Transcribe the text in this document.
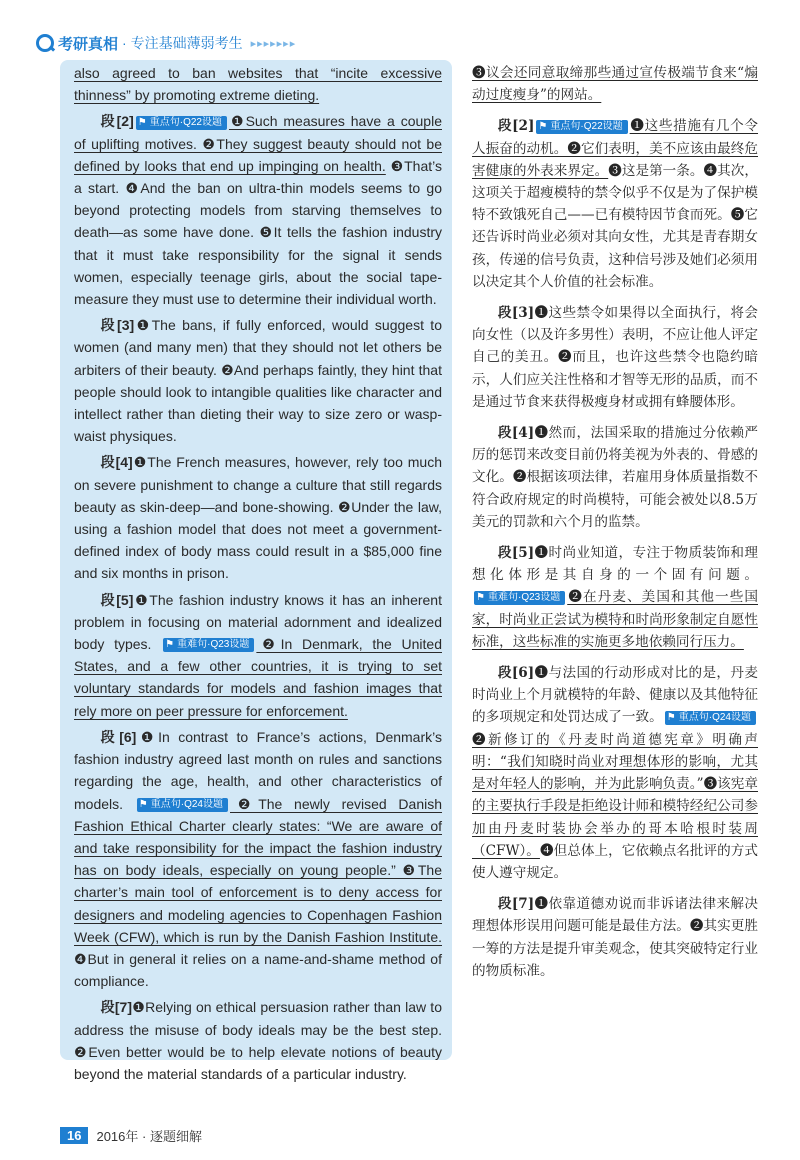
考研真相 · 专注基础薄弱考生 ▸▸▸▸▸▸▸

also agreed to ban websites that “incite excessive thinness” by promoting extreme dieting.

段[2] ⚑ 重点句·Q22设题 ❶Such measures have a couple of uplifting motives. ❷They suggest beauty should not be defined by looks that end up impinging on health. ❸That’s a start. ❹And the ban on ultra-thin models seems to go beyond protecting models from starving themselves to death—as some have done. ❺It tells the fashion industry that it must take responsibility for the signal it sends women, especially teenage girls, about the social tape-measure they must use to determine their individual worth.

段[3]❶The bans, if fully enforced, would suggest to women (and many men) that they should not let others be arbiters of their beauty. ❷And perhaps faintly, they hint that people should look to intangible qualities like character and intellect rather than dieting their way to size zero or wasp-waist physiques.

段[4]❶The French measures, however, rely too much on severe punishment to change a culture that still regards beauty as skin-deep—and bone-showing. ❷Under the law, using a fashion model that does not meet a government-defined index of body mass could result in a $85,000 fine and six months in prison.

段[5]❶The fashion industry knows it has an inherent problem in focusing on material adornment and idealized body types.	⚑ 重难句·Q23设题 ❷In Denmark, the United States, and a few other countries, it is trying to set voluntary standards for models and fashion images that rely more on peer pressure for enforcement.

段[6]❶In contrast to France’s actions, Denmark’s fashion industry agreed last month on rules and sanctions regarding the age, health, and other characteristics of models.	⚑ 重点句·Q24设题 ❷The newly revised Danish Fashion Ethical Charter clearly states: “We are aware of and take responsibility for the impact the fashion industry has on body ideals, especially on young people.” ❸The charter’s main tool of enforcement is to deny access for designers and modeling agencies to Copenhagen Fashion Week (CFW), which is run by the Danish Fashion Institute. ❹But in general it relies on a name-and-shame method of compliance.

段[7]❶Relying on ethical persuasion rather than law to address the misuse of body ideals may be the best step. ❷Even better would be to help elevate notions of beauty beyond the material standards of a particular industry.

❸议会还同意取缔那些通过宣传极端节食来“煽动过度瘦身”的网站。

段[2] ⚑ 重点句·Q22设题 ❶这些措施有几个令人振奋的动机。❷它们表明，美不应该由最终危害健康的外表来界定。❸这是第一条。❹其次，这项关于超瘦模特的禁令似乎不仅是为了保护模特不致饿死自己——已有模特因节食而死。❺它还告诉时尚业必须对其向女性，尤其是青春期女孩，传递的信号负责，这种信号涉及她们必须用以决定其个人价值的社会标准。

段[3]❶这些禁令如果得以全面执行，将会向女性（以及许多男性）表明，不应让他人评定自己的美丑。❷而且，也许这些禁令也隐约暗示，人们应关注性格和才智等无形的品质，而不是通过节食来获得极瘦身材或拥有蜂腰体形。

段[4]❶然而，法国采取的措施过分依赖严厉的惩罚来改变目前仍将美视为外表的、骨感的文化。❷根据该项法律，若雇用身体质量指数不符合政府规定的时尚模特，可能会被处以8.5万美元的罚款和六个月的监禁。

段[5]❶时尚业知道，专注于物质装饰和理想化体形是其自身的一个固有问题。⚑ 重难句·Q23设题 ❷在丹麦、美国和其他一些国家，时尚业正尝试为模特和时尚形象制定自愿性标准，这些标准的实施更多地依赖同行压力。

段[6]❶与法国的行动形成对比的是，丹麦时尚业上个月就模特的年龄、健康以及其他特征的多项规定和处罚达成了一致。 ⚑ 重点句·Q24设题❷新修订的《丹麦时尚道德宪章》明确声明：“我们知晓时尚业对理想体形的影响，尤其是对年轻人的影响，并为此影响负责。”❸该宪章的主要执行手段是拒绝设计师和模特经纪公司参加由丹麦时装协会举办的哥本哈根时装周（CFW）。❹但总体上，它依赖点名批评的方式使人遵守规定。

段[7]❶依靠道德劝说而非诉诸法律来解决理想体形误用问题可能是最佳方法。❷其实更胜一筹的方法是提升审美观念，使其突破特定行业的物质标准。

16	2016年 · 逐题细解
